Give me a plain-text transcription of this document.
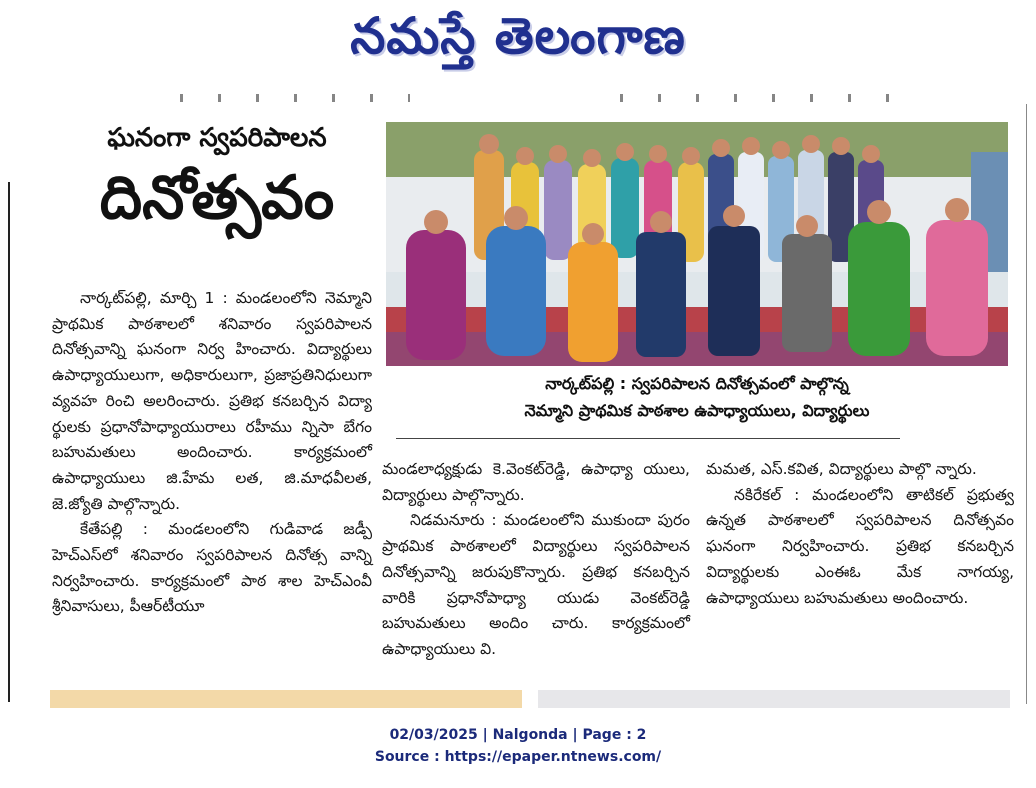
నమస్తే తెలంగాణ
ఘనంగా స్వపరిపాలన
దినోత్సవం
నార్కట్‌పల్లి : స్వపరిపాలన దినోత్సవంలో పాల్గొన్న
నెమ్మాని ప్రాథమిక పాఠశాల ఉపాధ్యాయులు, విద్యార్థులు

నార్కట్‌పల్లి, మార్చి 1 : మండలంలోని నెమ్మాని ప్రాథమిక పాఠశాలలో శనివారం స్వపరిపాలన దినోత్సవాన్ని ఘనంగా నిర్వ హించారు. విద్యార్థులు ఉపాధ్యాయులుగా, అధికారులుగా, ప్రజాప్రతినిధులుగా వ్యవహ రించి అలరించారు. ప్రతిభ కనబర్చిన విద్యా ర్థులకు ప్రధానోపాధ్యాయురాలు రహీము న్నిసా బేగం బహుమతులు అందించారు. కార్యక్రమంలో ఉపాధ్యాయులు జి.హేమ లత, జి.మాధవీలత, జె.జ్యోతి పాల్గొన్నారు.

కేతేపల్లి : మండలంలోని గుడివాడ జడ్పీ హెచ్ఎస్‌లో శనివారం స్వపరిపాలన దినోత్స వాన్ని నిర్వహించారు. కార్యక్రమంలో పాఠ శాల హెచ్ఎంవీ శ్రీనివాసులు, పీఆర్‌టీయూ

మండలాధ్యక్షుడు కె.వెంకట్‌రెడ్డి, ఉపాధ్యా యులు, విద్యార్థులు పాల్గొన్నారు.

నిడమనూరు : మండలంలోని ముకుందా పురం ప్రాథమిక పాఠశాలలో విద్యార్థులు స్వపరిపాలన దినోత్సవాన్ని జరుపుకొన్నారు. ప్రతిభ కనబర్చిన వారికి ప్రధానోపాధ్యా యుడు వెంకట్‌రెడ్డి బహుమతులు అందిం చారు. కార్యక్రమంలో ఉపాధ్యాయులు వి.

మమత, ఎస్.కవిత, విద్యార్థులు పాల్గొ న్నారు.

నకిరేకల్ : మండలంలోని తాటికల్ ప్రభుత్వ ఉన్నత పాఠశాలలో స్వపరిపాలన దినోత్సవం ఘనంగా నిర్వహించారు. ప్రతిభ కనబర్చిన విద్యార్థులకు ఎంఈఓ మేక నాగయ్య, ఉపాధ్యాయులు బహుమతులు అందించారు.

02/03/2025 | Nalgonda | Page : 2
Source : https://epaper.ntnews.com/
